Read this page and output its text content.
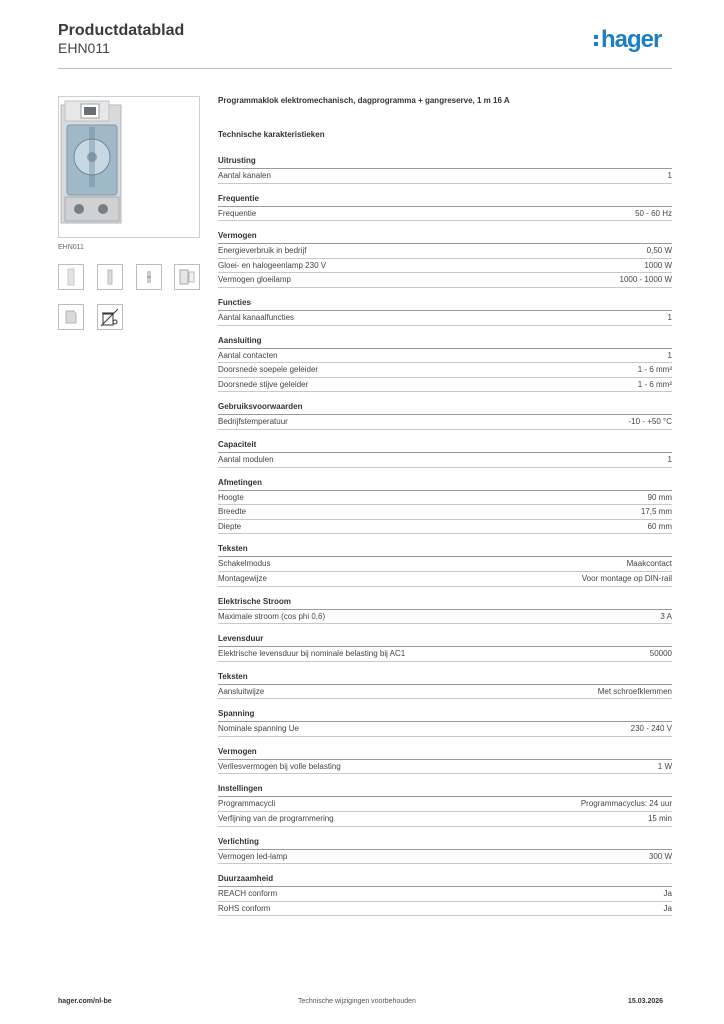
Productdatablad
EHN011	hager
EHN011
Programmaklok elektromechanisch, dagprogramma + gangreserve, 1 m 16 A
Technische karakteristieken
Uitrusting
Aantal kanalen	1
Frequentie
Frequentie	50 - 60 Hz
Vermogen
Energieverbruik in bedrijf	0,50 W
Gloei- en halogeenlamp 230 V	1000 W
Vermogen gloeilamp	1000 - 1000 W
Functies
Aantal kanaalfuncties	1
Aansluiting
Aantal contacten	1
Doorsnede soepele geleider	1 - 6 mm²
Doorsnede stijve geleider	1 - 6 mm²
Gebruiksvoorwaarden
Bedrijfstemperatuur	-10 - +50 °C
Capaciteit
Aantal modulen	1
Afmetingen
Hoogte	90 mm
Breedte	17,5 mm
Diepte	60 mm
Teksten
Schakelmodus	Maakcontact
Montagewijze	Voor montage op DIN-rail
Elektrische Stroom
Maximale stroom (cos phi 0,6)	3 A
Levensduur
Elektrische levensduur bij nominale belasting bij AC1	50000
Teksten
Aansluitwijze	Met schroefklemmen
Spanning
Nominale spanning Ue	230 - 240 V
Vermogen
Verliesvermogen bij volle belasting	1 W
Instellingen
Programmacycli	Programmacyclus: 24 uur
Verfijning van de programmering	15 min
Verlichting
Vermogen led-lamp	300 W
Duurzaamheid
REACH conform	Ja
RoHS conform	Ja
hager.com/nl-be	Technische wijzigingen voorbehouden	15.03.2026
